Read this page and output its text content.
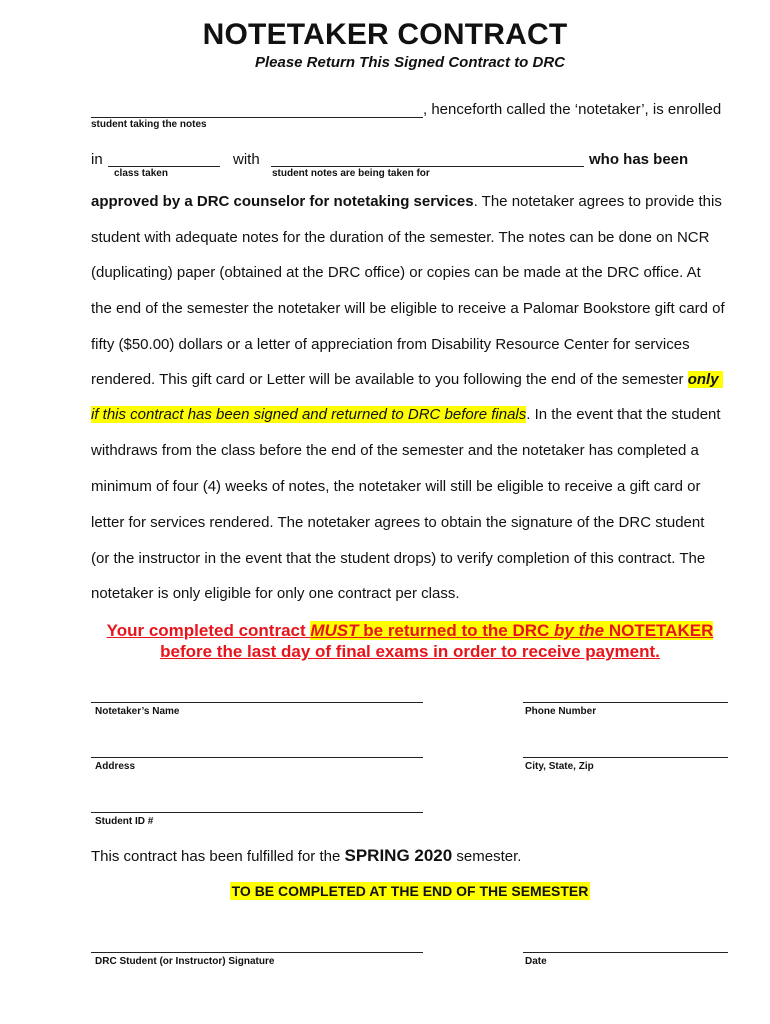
NOTETAKER CONTRACT
Please Return This Signed Contract to DRC
, henceforth called the ‘notetaker’, is enrolled
student taking the notes
in	with	who has been
class taken	student notes are being taken for
approved by a DRC counselor for notetaking services. The notetaker agrees to provide this
student with adequate notes for the duration of the semester. The notes can be done on NCR
(duplicating) paper (obtained at the DRC office) or copies can be made at the DRC office. At
the end of the semester the notetaker will be eligible to receive a Palomar Bookstore gift card of
fifty ($50.00) dollars or a letter of appreciation from Disability Resource Center for services
rendered. This gift card or Letter will be available to you following the end of the semester only
if this contract has been signed and returned to DRC before finals. In the event that the student
withdraws from the class before the end of the semester and the notetaker has completed a
minimum of four (4) weeks of notes, the notetaker will still be eligible to receive a gift card or
letter for services rendered. The notetaker agrees to obtain the signature of the DRC student
(or the instructor in the event that the student drops) to verify completion of this contract. The
notetaker is only eligible for only one contract per class.
Your completed contract MUST be returned to the DRC by the NOTETAKER
before the last day of final exams in order to receive payment.
Notetaker’s Name	Phone Number
Address	City, State, Zip
Student ID #
This contract has been fulfilled for the SPRING 2020 semester.
TO BE COMPLETED AT THE END OF THE SEMESTER
DRC Student (or Instructor) Signature	Date
